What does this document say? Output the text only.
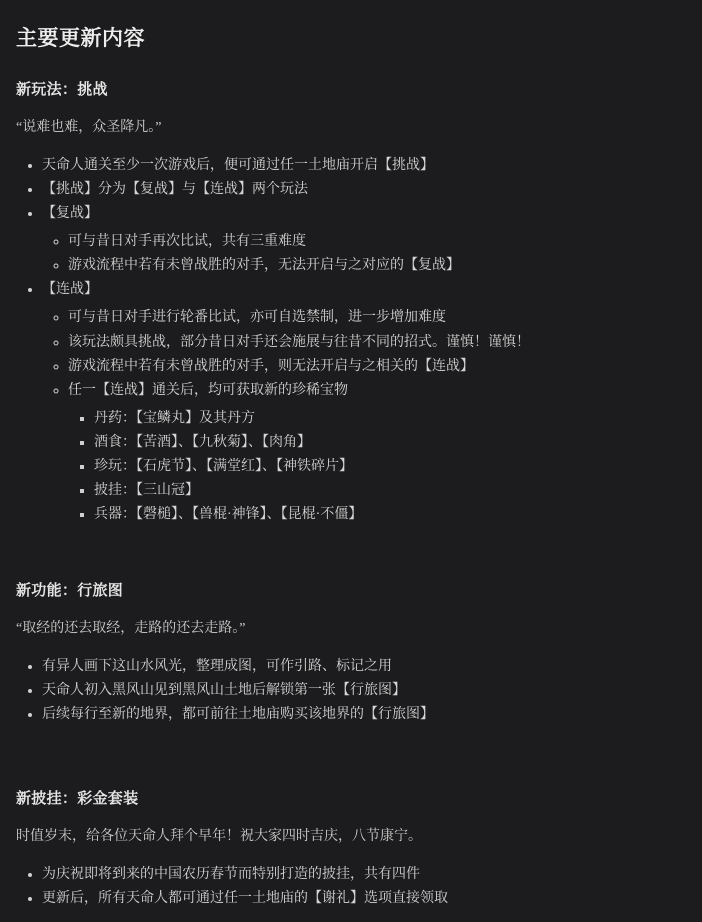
主要更新内容
新玩法：挑战

“说难也难，众圣降凡。”

• 天命人通关至少一次游戏后，便可通过任一土地庙开启【挑战】
• 【挑战】分为【复战】与【连战】两个玩法
• 【复战】
◦ 可与昔日对手再次比试，共有三重难度
◦ 游戏流程中若有未曾战胜的对手，无法开启与之对应的【复战】
• 【连战】
◦ 可与昔日对手进行轮番比试，亦可自选禁制，进一步增加难度
◦ 该玩法颇具挑战，部分昔日对手还会施展与往昔不同的招式。谨慎！谨慎！
◦ 游戏流程中若有未曾战胜的对手，则无法开启与之相关的【连战】
◦ 任一【连战】通关后，均可获取新的珍稀宝物
▪ 丹药：【宝鳞丸】及其丹方
▪ 酒食：【苦酒】、【九秋菊】、【肉角】
▪ 珍玩：【石虎节】、【满堂红】、【神铁碎片】
▪ 披挂：【三山冠】
▪ 兵器：【磬槌】、【兽棍·神锋】、【昆棍·不僵】
新功能：行旅图

“取经的还去取经，走路的还去走路。”

• 有异人画下这山水风光，整理成图，可作引路、标记之用
• 天命人初入黑风山见到黑风山土地后解锁第一张【行旅图】
• 后续每行至新的地界，都可前往土地庙购买该地界的【行旅图】
新披挂：彩金套装

时值岁末，给各位天命人拜个早年！祝大家四时吉庆，八节康宁。

• 为庆祝即将到来的中国农历春节而特别打造的披挂，共有四件
• 更新后，所有天命人都可通过任一土地庙的【谢礼】选项直接领取
